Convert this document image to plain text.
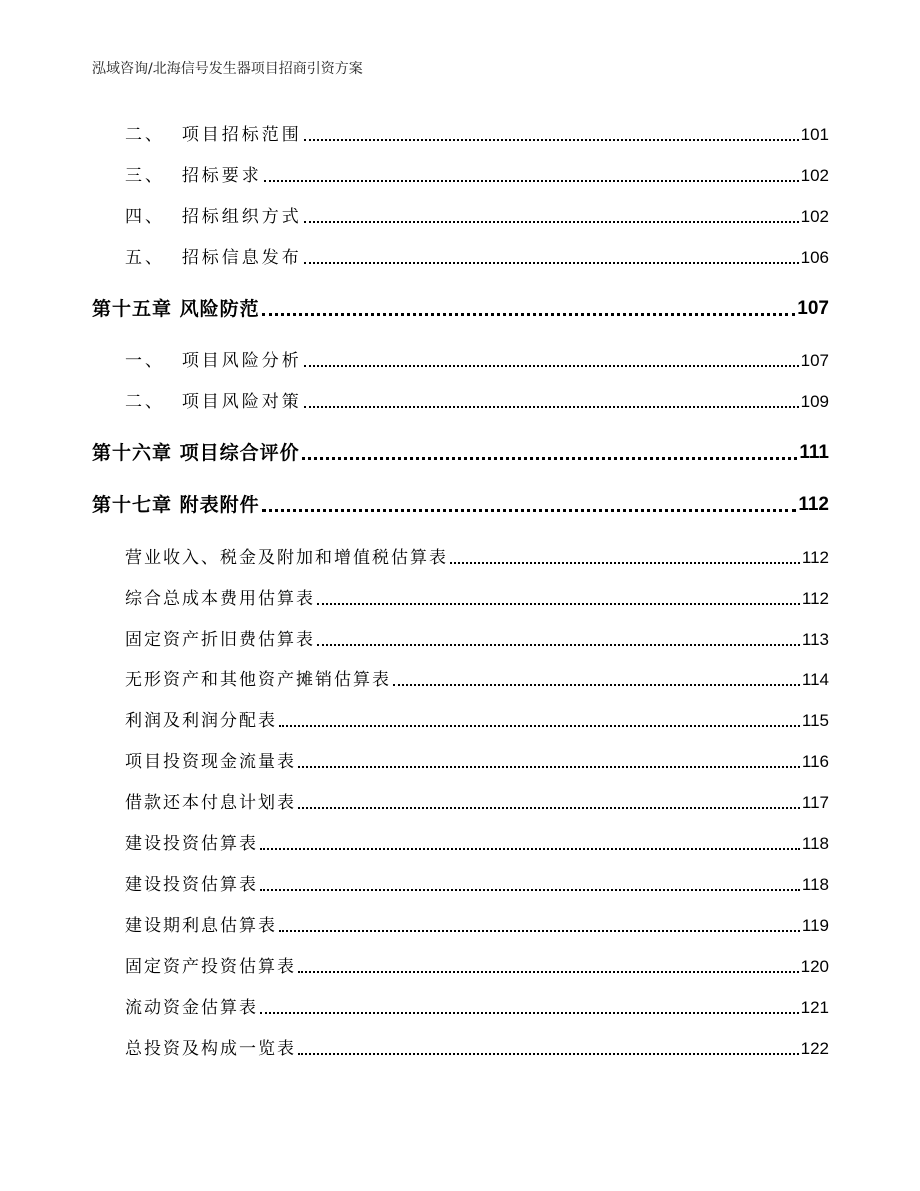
泓域咨询/北海信号发生器项目招商引资方案
二、 项目招标范围	101
三、 招标要求	102
四、 招标组织方式	102
五、 招标信息发布	106
第十五章 风险防范	107
一、 项目风险分析	107
二、 项目风险对策	109
第十六章 项目综合评价	111
第十七章 附表附件	112
营业收入、税金及附加和增值税估算表	112
综合总成本费用估算表	112
固定资产折旧费估算表	113
无形资产和其他资产摊销估算表	114
利润及利润分配表	115
项目投资现金流量表	116
借款还本付息计划表	117
建设投资估算表	118
建设投资估算表	118
建设期利息估算表	119
固定资产投资估算表	120
流动资金估算表	121
总投资及构成一览表	122
